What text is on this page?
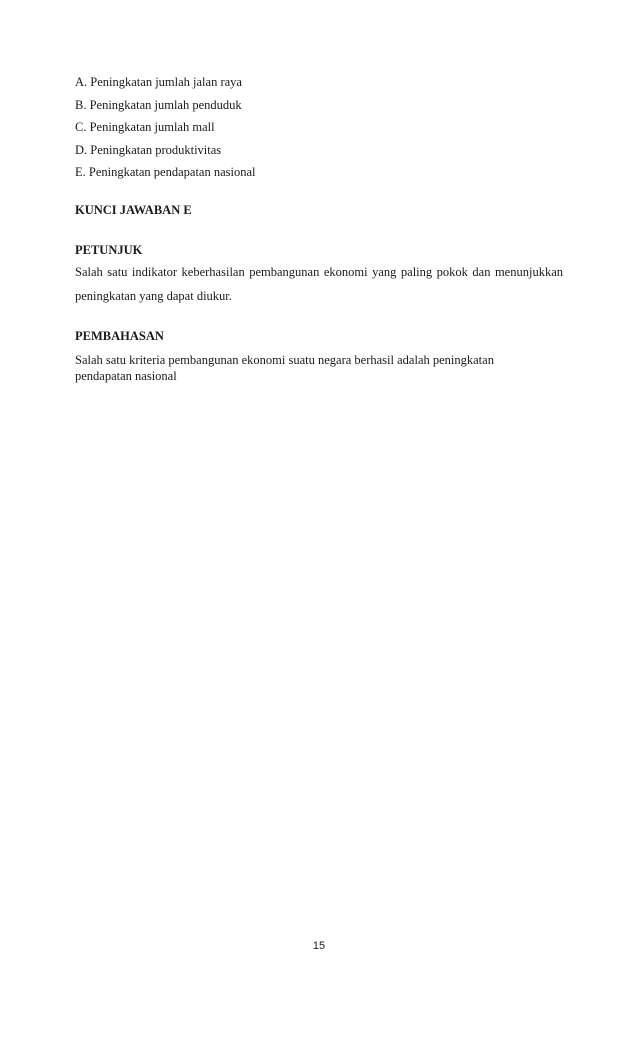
A. Peningkatan jumlah jalan raya
B. Peningkatan jumlah penduduk
C. Peningkatan jumlah mall
D. Peningkatan produktivitas
E. Peningkatan pendapatan nasional
KUNCI JAWABAN E
PETUNJUK

Salah satu indikator keberhasilan pembangunan ekonomi yang paling pokok dan menunjukkan peningkatan yang dapat diukur.

PEMBAHASAN

Salah satu kriteria pembangunan ekonomi suatu negara berhasil adalah peningkatan pendapatan nasional

15
